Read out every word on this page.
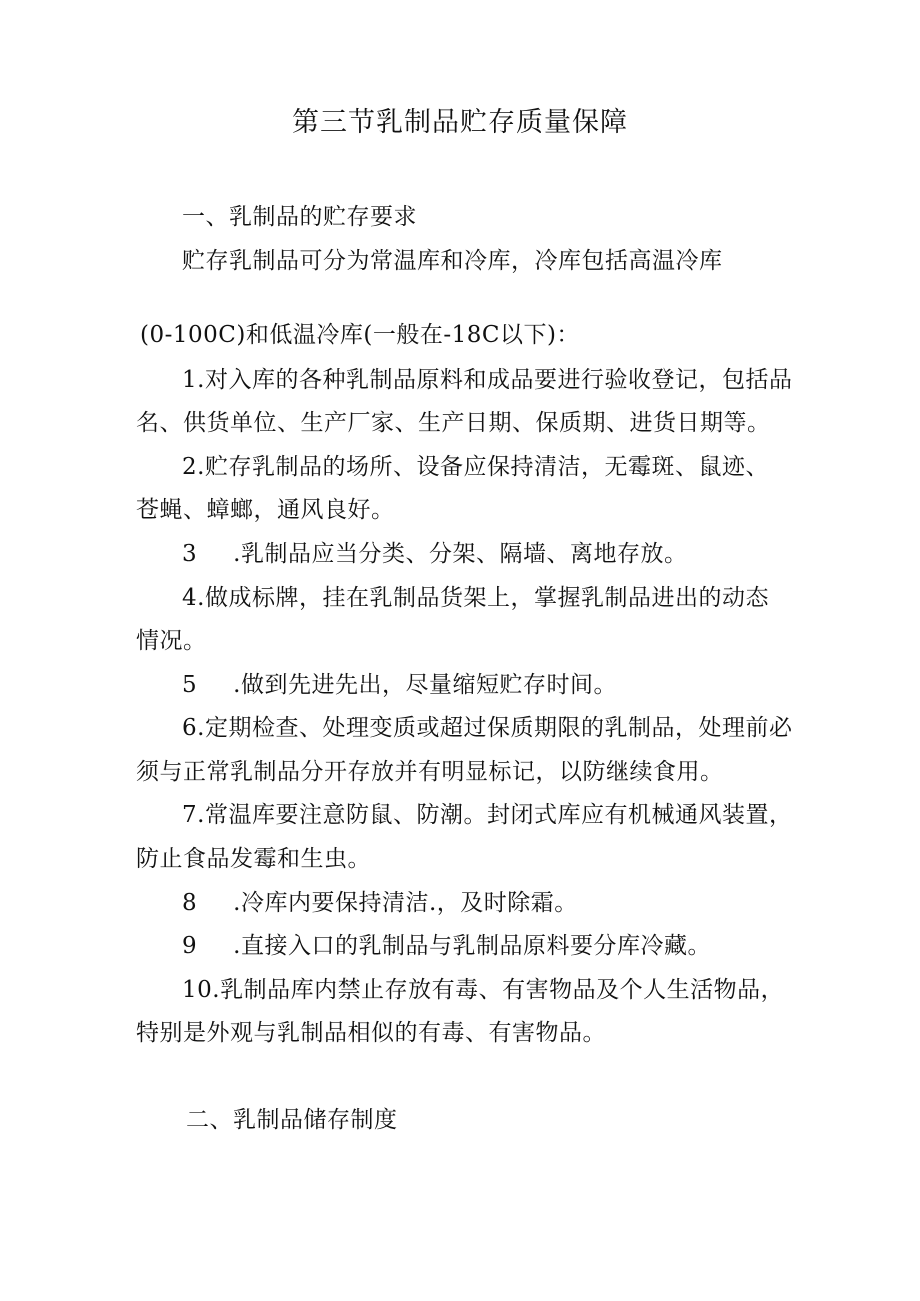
第三节乳制品贮存质量保障
一、乳制品的贮存要求
贮存乳制品可分为常温库和冷库，冷库包括高温冷库
(0-100C)和低温冷库(一般在-18C以下)：
1.对入库的各种乳制品原料和成品要进行验收登记，包括品
名、供货单位、生产厂家、生产日期、保质期、进货日期等。
2.贮存乳制品的场所、设备应保持清洁，无霉斑、鼠迹、
苍蝇、蟑螂，通风良好。
3 .乳制品应当分类、分架、隔墙、离地存放。
4.做成标牌，挂在乳制品货架上，掌握乳制品进出的动态
情况。
5 .做到先进先出，尽量缩短贮存时间。
6.定期检查、处理变质或超过保质期限的乳制品，处理前必
须与正常乳制品分开存放并有明显标记，以防继续食用。
7.常温库要注意防鼠、防潮。封闭式库应有机械通风装置，
防止食品发霉和生虫。
8 .冷库内要保持清洁.，及时除霜。
9 .直接入口的乳制品与乳制品原料要分库冷藏。
10.乳制品库内禁止存放有毒、有害物品及个人生活物品，
特别是外观与乳制品相似的有毒、有害物品。
二、乳制品储存制度
